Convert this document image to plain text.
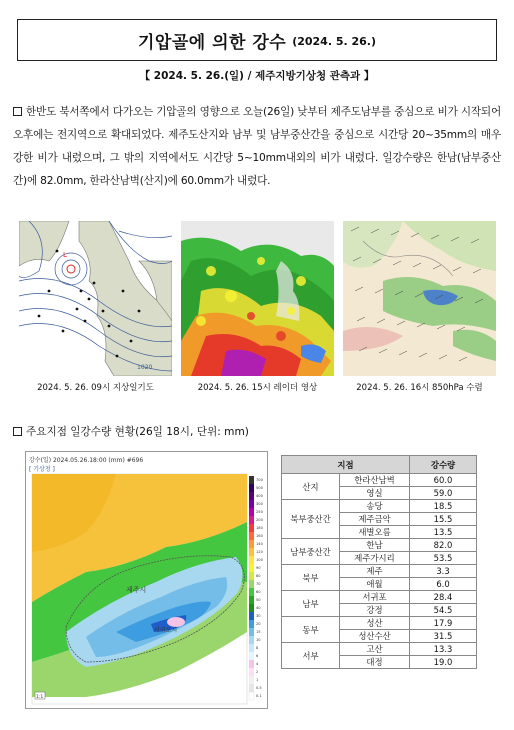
기압골에 의한 강수 (2024. 5. 26.)
【 2024. 5. 26.(일) / 제주지방기상청 관측과 】
한반도 북서쪽에서 다가오는 기압골의 영향으로 오늘(26일) 낮부터 제주도남부를 중심으로 비가 시작되어 오후에는 전지역으로 확대되었다. 제주도산지와 남부 및 남부중산간을 중심으로 시간당 20~35mm의 매우 강한 비가 내렸으며, 그 밖의 지역에서도 시간당 5~10mm내외의 비가 내렸다. 일강수량은 한남(남부중산간)에 82.0mm, 한라산남벽(산지)에 60.0mm가 내렸다.
L
1020
2024. 5. 26. 09시 지상일기도	2024. 5. 26. 15시 레이더 영상	2024. 5. 26. 16시 850hPa 수렴
주요지점 일강수량 현황(26일 18시, 단위: mm)
강수(일) 2024.05.26.18:00 (mm) #696
[ 기상청 ]
제주시
서귀포시
700
500
400
300
250
200
180
160
140
120
100
90
80
70
60
50
40
30
20
15
10
8
6
4
2
1
0.5
0.1
1:1
지점		강수량
산지	한라산남벽	60.0
	영실	59.0
북부중산간	송당	18.5
	제주금악	15.5
	새별오름	13.5
남부중산간	한남	82.0
	제주가시리	53.5
북부	제주	3.3
	애월	6.0
남부	서귀포	28.4
	강정	54.5
동부	성산	17.9
	성산수산	31.5
서부	고산	13.3
	대정	19.0
